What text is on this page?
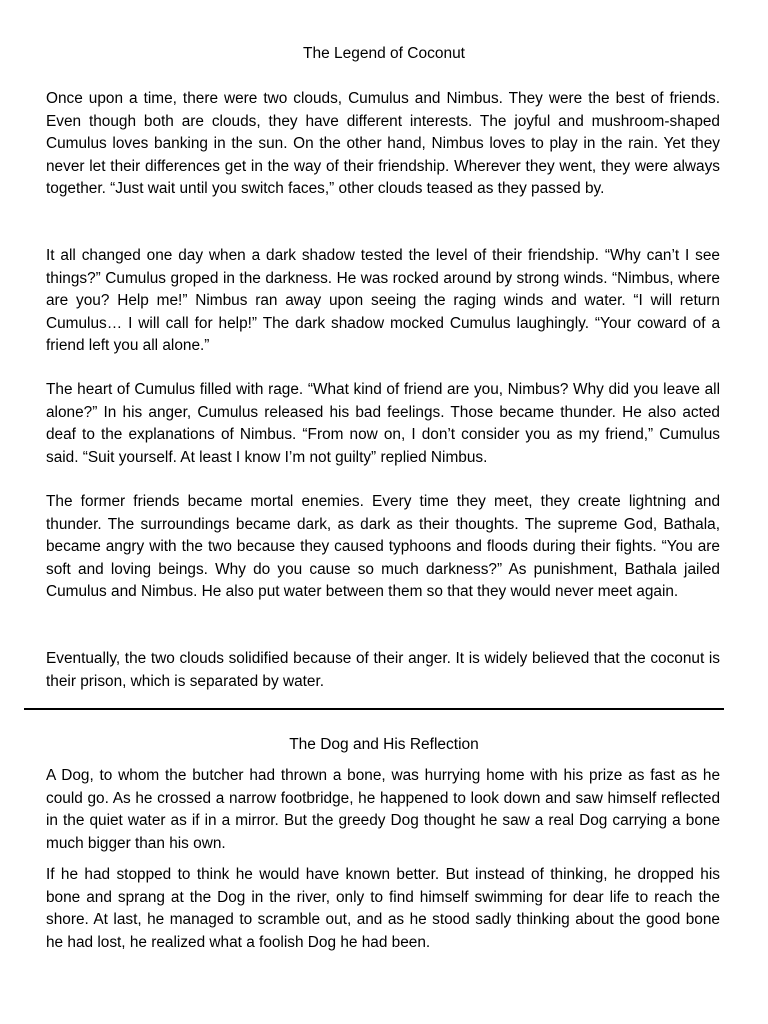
The Legend of Coconut

Once upon a time, there were two clouds, Cumulus and Nimbus. They were the best of friends. Even though both are clouds, they have different interests. The joyful and mushroom-shaped Cumulus loves banking in the sun. On the other hand, Nimbus loves to play in the rain. Yet they never let their differences get in the way of their friendship. Wherever they went, they were always together. “Just wait until you switch faces,” other clouds teased as they passed by.

It all changed one day when a dark shadow tested the level of their friendship. “Why can’t I see things?” Cumulus groped in the darkness. He was rocked around by strong winds. “Nimbus, where are you? Help me!” Nimbus ran away upon seeing the raging winds and water. “I will return Cumulus… I will call for help!” The dark shadow mocked Cumulus laughingly. “Your coward of a friend left you all alone.”

The heart of Cumulus filled with rage. “What kind of friend are you, Nimbus? Why did you leave all alone?” In his anger, Cumulus released his bad feelings. Those became thunder. He also acted deaf to the explanations of Nimbus. “From now on, I don’t consider you as my friend,” Cumulus said. “Suit yourself. At least I know I’m not guilty” replied Nimbus.

The former friends became mortal enemies. Every time they meet, they create lightning and thunder. The surroundings became dark, as dark as their thoughts. The supreme God, Bathala, became angry with the two because they caused typhoons and floods during their fights. “You are soft and loving beings. Why do you cause so much darkness?” As punishment, Bathala jailed Cumulus and Nimbus. He also put water between them so that they would never meet again.

Eventually, the two clouds solidified because of their anger. It is widely believed that the coconut is their prison, which is separated by water.

The Dog and His Reflection

A Dog, to whom the butcher had thrown a bone, was hurrying home with his prize as fast as he could go. As he crossed a narrow footbridge, he happened to look down and saw himself reflected in the quiet water as if in a mirror. But the greedy Dog thought he saw a real Dog carrying a bone much bigger than his own.

If he had stopped to think he would have known better. But instead of thinking, he dropped his bone and sprang at the Dog in the river, only to find himself swimming for dear life to reach the shore. At last, he managed to scramble out, and as he stood sadly thinking about the good bone he had lost, he realized what a foolish Dog he had been.
